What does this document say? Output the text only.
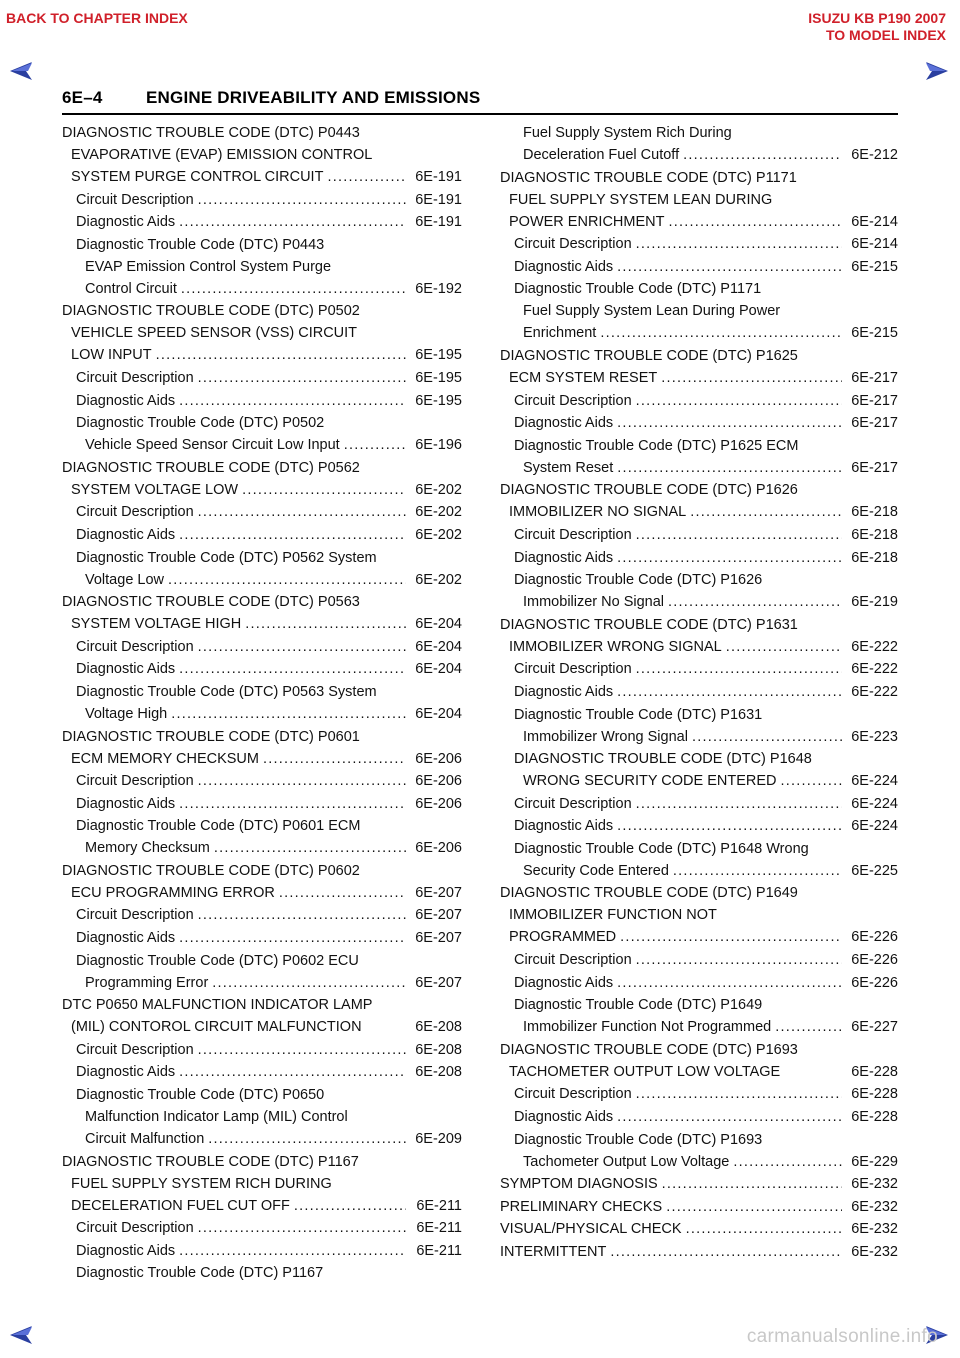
BACK TO CHAPTER INDEX	ISUZU KB P190 2007
TO MODEL INDEX
6E–4	ENGINE DRIVEABILITY AND EMISSIONS
DIAGNOSTIC TROUBLE CODE (DTC) P0443
EVAPORATIVE (EVAP) EMISSION CONTROL
SYSTEM PURGE CONTROL CIRCUIT . . .	6E-191
Circuit Description . . .	6E-191
Diagnostic Aids . . .	6E-191
Diagnostic Trouble Code (DTC) P0443
EVAP Emission Control System Purge
Control Circuit . . .	6E-192
DIAGNOSTIC TROUBLE CODE (DTC) P0502
VEHICLE SPEED SENSOR (VSS) CIRCUIT
LOW INPUT . . .	6E-195
Circuit Description . . .	6E-195
Diagnostic Aids . . .	6E-195
Diagnostic Trouble Code (DTC) P0502
Vehicle Speed Sensor Circuit Low Input . . .	6E-196
DIAGNOSTIC TROUBLE CODE (DTC) P0562
SYSTEM VOLTAGE LOW . . .	6E-202
Circuit Description . . .	6E-202
Diagnostic Aids . . .	6E-202
Diagnostic Trouble Code (DTC) P0562 System
Voltage Low . . .	6E-202
DIAGNOSTIC TROUBLE CODE (DTC) P0563
SYSTEM VOLTAGE HIGH . . .	6E-204
Circuit Description . . .	6E-204
Diagnostic Aids . . .	6E-204
Diagnostic Trouble Code (DTC) P0563 System
Voltage High . . .	6E-204
DIAGNOSTIC TROUBLE CODE (DTC) P0601
ECM MEMORY CHECKSUM . . .	6E-206
Circuit Description . . .	6E-206
Diagnostic Aids . . .	6E-206
Diagnostic Trouble Code (DTC) P0601 ECM
Memory Checksum . . .	6E-206
DIAGNOSTIC TROUBLE CODE (DTC) P0602
ECU PROGRAMMING ERROR . . .	6E-207
Circuit Description . . .	6E-207
Diagnostic Aids . . .	6E-207
Diagnostic Trouble Code (DTC) P0602 ECU
Programming Error . . .	6E-207
DTC P0650 MALFUNCTION INDICATOR LAMP
(MIL) CONTOROL CIRCUIT MALFUNCTION	6E-208
Circuit Description . . .	6E-208
Diagnostic Aids . . .	6E-208
Diagnostic Trouble Code (DTC) P0650
Malfunction Indicator Lamp (MIL) Control
Circuit Malfunction . . .	6E-209
DIAGNOSTIC TROUBLE CODE (DTC) P1167
FUEL SUPPLY SYSTEM RICH DURING
DECELERATION FUEL CUT OFF . . .	6E-211
Circuit Description . . .	6E-211
Diagnostic Aids . . .	6E-211
Diagnostic Trouble Code (DTC) P1167
Fuel Supply System Rich During
Deceleration Fuel Cutoff . . .	6E-212
DIAGNOSTIC TROUBLE CODE (DTC) P1171
FUEL SUPPLY SYSTEM LEAN DURING
POWER ENRICHMENT . . .	6E-214
Circuit Description . . .	6E-214
Diagnostic Aids . . .	6E-215
Diagnostic Trouble Code (DTC) P1171
Fuel Supply System Lean During Power
Enrichment . . .	6E-215
DIAGNOSTIC TROUBLE CODE (DTC) P1625
ECM SYSTEM RESET . . .	6E-217
Circuit Description . . .	6E-217
Diagnostic Aids . . .	6E-217
Diagnostic Trouble Code (DTC) P1625 ECM
System Reset . . .	6E-217
DIAGNOSTIC TROUBLE CODE (DTC) P1626
IMMOBILIZER NO SIGNAL . . .	6E-218
Circuit Description . . .	6E-218
Diagnostic Aids . . .	6E-218
Diagnostic Trouble Code (DTC) P1626
Immobilizer No Signal . . .	6E-219
DIAGNOSTIC TROUBLE CODE (DTC) P1631
IMMOBILIZER WRONG SIGNAL . . .	6E-222
Circuit Description . . .	6E-222
Diagnostic Aids . . .	6E-222
Diagnostic Trouble Code (DTC) P1631
Immobilizer Wrong Signal . . .	6E-223
DIAGNOSTIC TROUBLE CODE (DTC) P1648
WRONG SECURITY CODE ENTERED . . .	6E-224
Circuit Description . . .	6E-224
Diagnostic Aids . . .	6E-224
Diagnostic Trouble Code (DTC) P1648 Wrong
Security Code Entered . . .	6E-225
DIAGNOSTIC TROUBLE CODE (DTC) P1649
IMMOBILIZER FUNCTION NOT
PROGRAMMED . . .	6E-226
Circuit Description . . .	6E-226
Diagnostic Aids . . .	6E-226
Diagnostic Trouble Code (DTC) P1649
Immobilizer Function Not Programmed . . .	6E-227
DIAGNOSTIC TROUBLE CODE (DTC) P1693
TACHOMETER OUTPUT LOW VOLTAGE	6E-228
Circuit Description . . .	6E-228
Diagnostic Aids . . .	6E-228
Diagnostic Trouble Code (DTC) P1693
Tachometer Output Low Voltage . . .	6E-229
SYMPTOM DIAGNOSIS . . .	6E-232
PRELIMINARY CHECKS . . .	6E-232
VISUAL/PHYSICAL CHECK . . .	6E-232
INTERMITTENT . . .	6E-232
carmanualsonline.info
